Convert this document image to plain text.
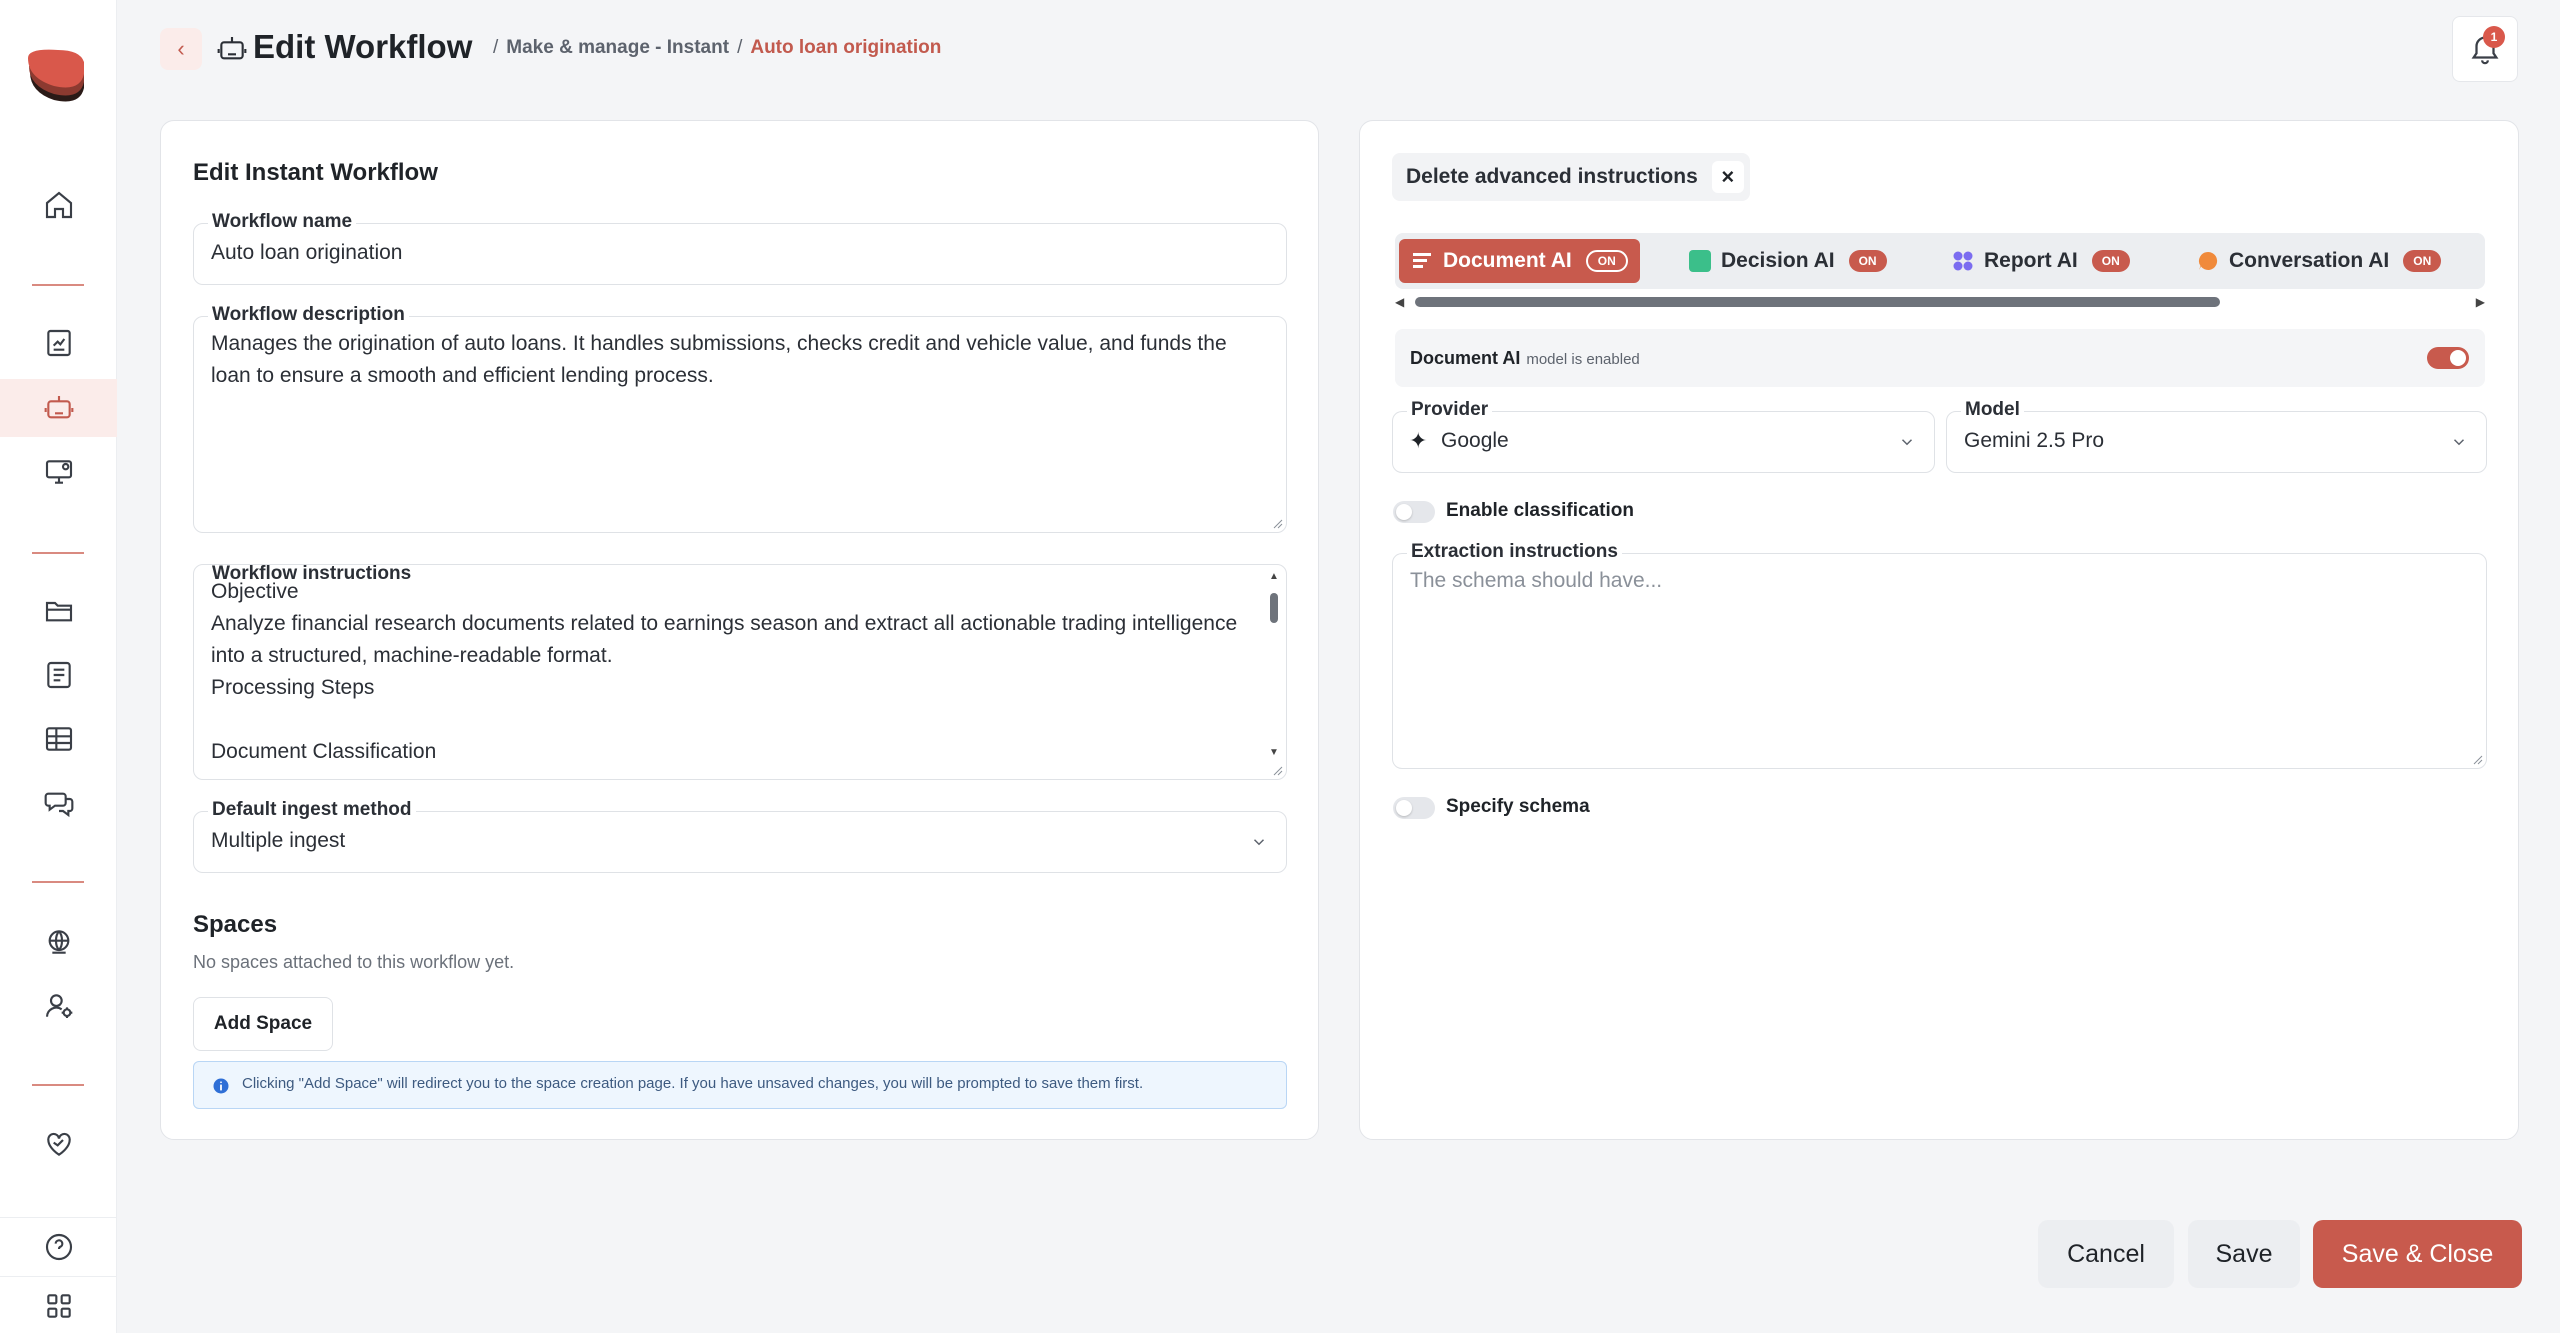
‹ Edit Workflow	/ Make & manage - Instant / Auto loan origination	1
Edit Instant Workflow
Workflow name
Auto loan origination
Workflow description
Manages the origination of auto loans. It handles submissions, checks credit and vehicle value, and funds the
loan to ensure a smooth and efficient lending process.
Workflow instructions
Objective
Analyze financial research documents related to earnings season and extract all actionable trading intelligence
into a structured, machine-readable format.
Processing Steps
Document Classification
▲
▼
Default ingest method
Multiple ingest
Spaces

No spaces attached to this workflow yet.

Add Space
Clicking "Add Space" will redirect you to the space creation page. If you have unsaved changes, you will be prompted to save them first.
Delete advanced instructions	×
Document AI	ON	Decision AI	ON	Report AI	ON	Conversation AI	ON
◀	▶
Document AI model is enabled
Provider
✦ Google
Model
Gemini 2.5 Pro
Enable classification
Extraction instructions
The schema should have...
Specify schema
Cancel	Save	Save & Close
